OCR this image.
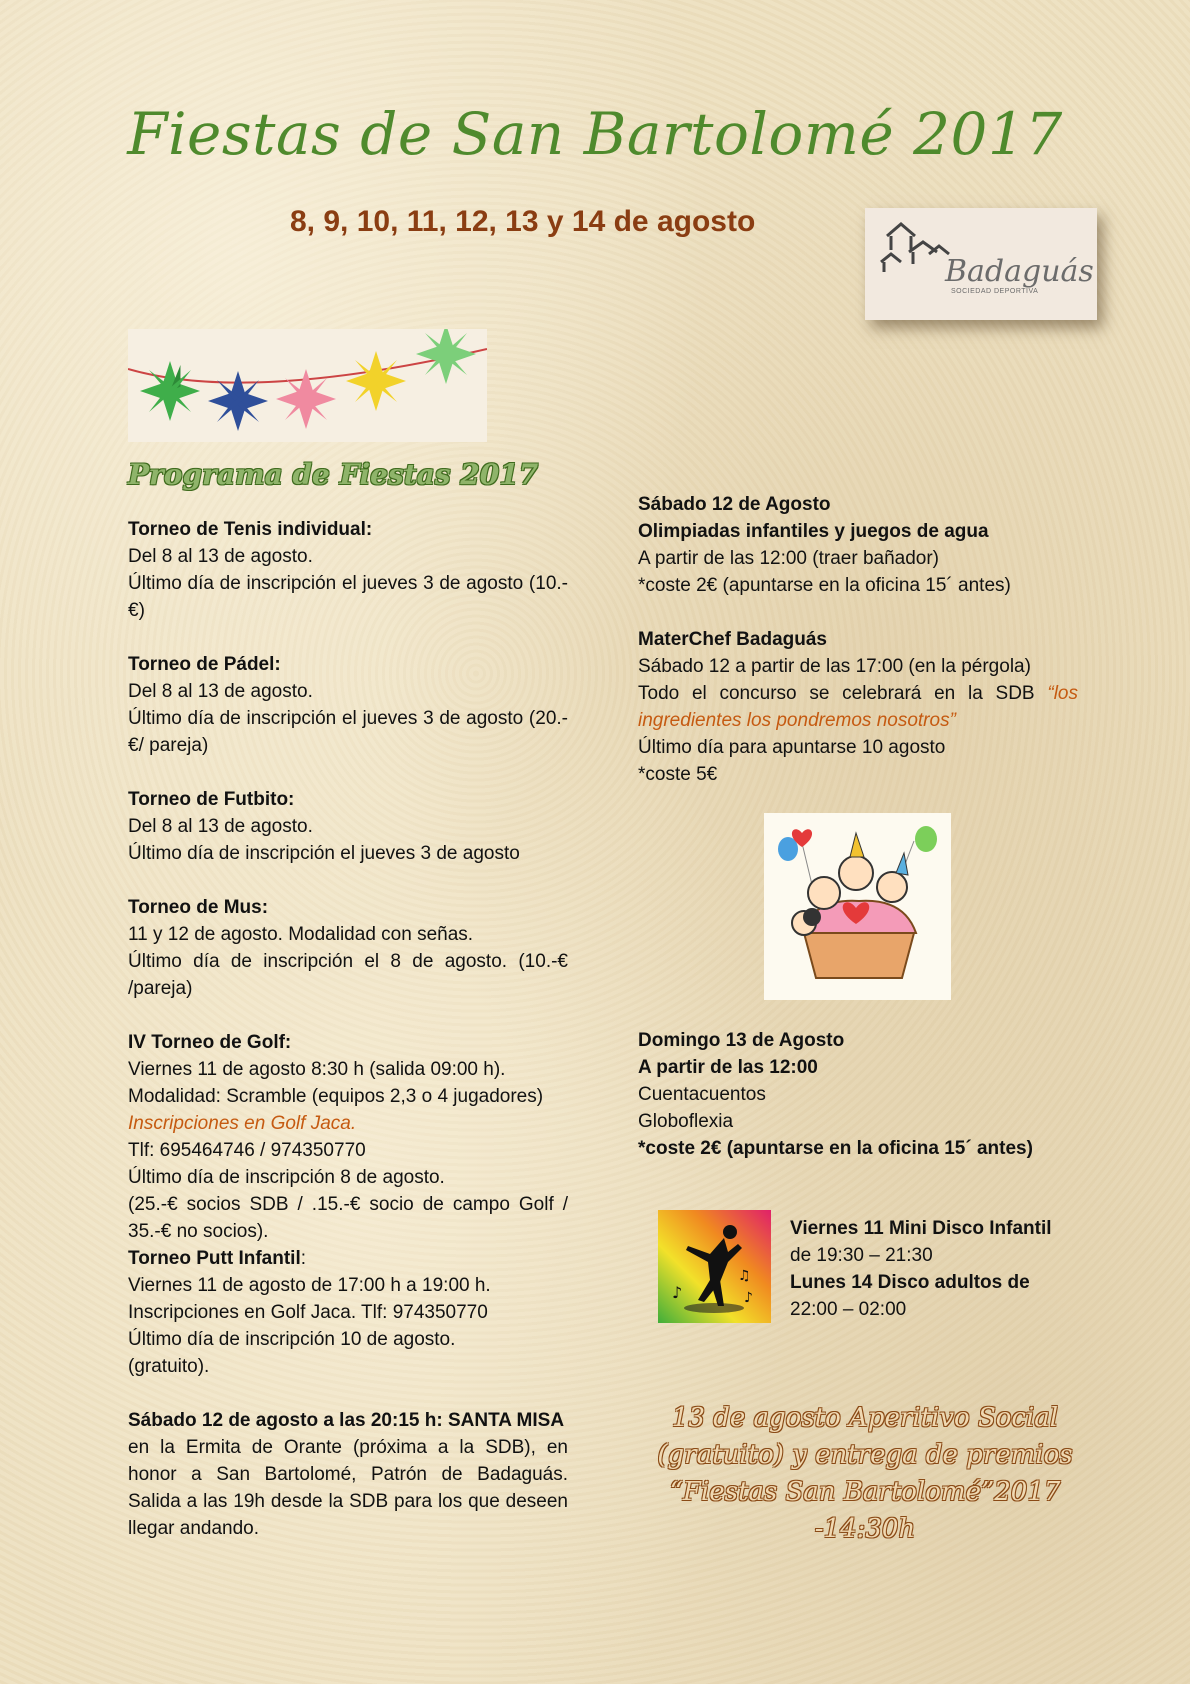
Fiestas de San Bartolomé 2017
8, 9, 10, 11, 12, 13 y 14 de agosto
Badaguás
SOCIEDAD DEPORTIVA
Programa de Fiestas 2017

Torneo de Tenis individual:

Del 8 al 13 de agosto.

Último día de inscripción el jueves 3 de agosto (10.-€)

Torneo de Pádel:

Del 8 al 13 de agosto.

Último día de inscripción el jueves 3 de agosto (20.-€/ pareja)

Torneo de Futbito:

Del 8 al 13 de agosto.

Último día de inscripción el jueves 3 de agosto

Torneo de Mus:

11 y 12 de agosto. Modalidad con señas.

Último día de inscripción el 8 de agosto. (10.-€ /pareja)

IV Torneo de Golf:

Viernes 11 de agosto 8:30 h (salida 09:00 h).

Modalidad: Scramble (equipos 2,3 o 4 jugadores)

Inscripciones en Golf Jaca.

Tlf: 695464746 / 974350770

Último día de inscripción 8 de agosto.

(25.-€ socios SDB / .15.-€ socio de campo Golf / 35.-€ no socios).

Torneo Putt Infantil:

Viernes 11 de agosto de 17:00 h a 19:00 h.

Inscripciones en Golf Jaca. Tlf: 974350770

Último día de inscripción 10 de agosto.

(gratuito).

Sábado 12 de agosto a las 20:15 h: SANTA MISA

en la Ermita de Orante (próxima a la SDB), en honor a San Bartolomé, Patrón de Badaguás. Salida a las 19h desde la SDB para los que deseen llegar andando.

Sábado 12 de Agosto

Olimpiadas infantiles y juegos de agua

A partir de las 12:00 (traer bañador)

*coste 2€ (apuntarse en la oficina 15´ antes)

MaterChef Badaguás

Sábado 12 a partir de las 17:00 (en la pérgola)

Todo el concurso se celebrará en la SDB “los ingredientes los pondremos nosotros”

Último día para apuntarse 10 agosto

*coste 5€

Domingo 13 de Agosto

A partir de las 12:00

Cuentacuentos

Globoflexia

*coste 2€ (apuntarse en la oficina 15´ antes)

♪
♫
♪

Viernes 11 Mini Disco Infantil
de 19:30 – 21:30

Lunes 14 Disco adultos de 22:00 – 02:00

13 de agosto Aperitivo Social (gratuito) y entrega de premios “Fiestas San Bartolomé”2017 -14:30h
